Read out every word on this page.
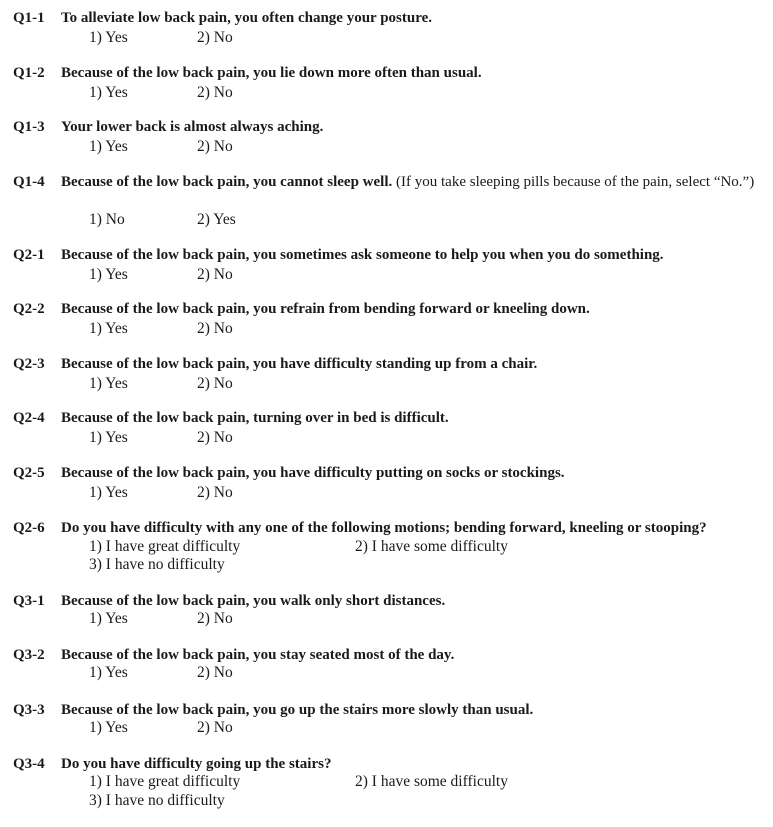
Q1-1 To alleviate low back pain, you often change your posture.
1) Yes	2) No
Q1-2 Because of the low back pain, you lie down more often than usual.
1) Yes	2) No
Q1-3 Your lower back is almost always aching.
1) Yes	2) No
Q1-4 Because of the low back pain, you cannot sleep well. (If you take sleeping pills because of the pain, select “No.”)
1) No	2) Yes
Q2-1 Because of the low back pain, you sometimes ask someone to help you when you do something.
1) Yes	2) No
Q2-2 Because of the low back pain, you refrain from bending forward or kneeling down.
1) Yes	2) No
Q2-3 Because of the low back pain, you have difficulty standing up from a chair.
1) Yes	2) No
Q2-4 Because of the low back pain, turning over in bed is difficult.
1) Yes	2) No
Q2-5 Because of the low back pain, you have difficulty putting on socks or stockings.
1) Yes	2) No
Q2-6 Do you have difficulty with any one of the following motions; bending forward, kneeling or stooping?
1) I have great difficulty	2) I have some difficulty
3) I have no difficulty
Q3-1 Because of the low back pain, you walk only short distances.
1) Yes	2) No
Q3-2 Because of the low back pain, you stay seated most of the day.
1) Yes	2) No
Q3-3 Because of the low back pain, you go up the stairs more slowly than usual.
1) Yes	2) No
Q3-4 Do you have difficulty going up the stairs?
1) I have great difficulty	2) I have some difficulty
3) I have no difficulty
